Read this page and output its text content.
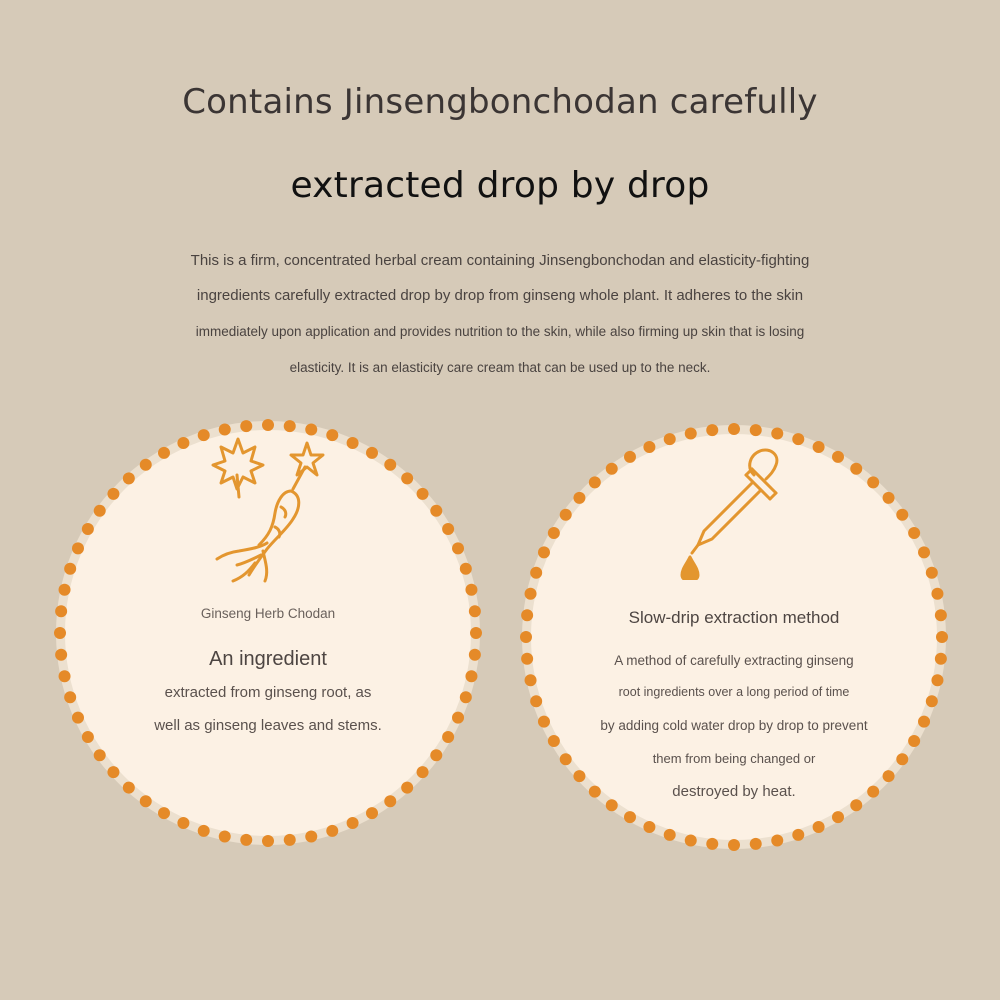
Contains Jinsengbonchodan carefully
extracted drop by drop
This is a firm, concentrated herbal cream containing Jinsengbonchodan and elasticity-fighting
ingredients carefully extracted drop by drop from ginseng whole plant. It adheres to the skin
immediately upon application and provides nutrition to the skin, while also firming up skin that is losing
elasticity. It is an elasticity care cream that can be used up to the neck.
Ginseng Herb Chodan
An ingredient
extracted from ginseng root, as
well as ginseng leaves and stems.
Slow-drip extraction method
A method of carefully extracting ginseng
root ingredients over a long period of time
by adding cold water drop by drop to prevent
them from being changed or
destroyed by heat.
